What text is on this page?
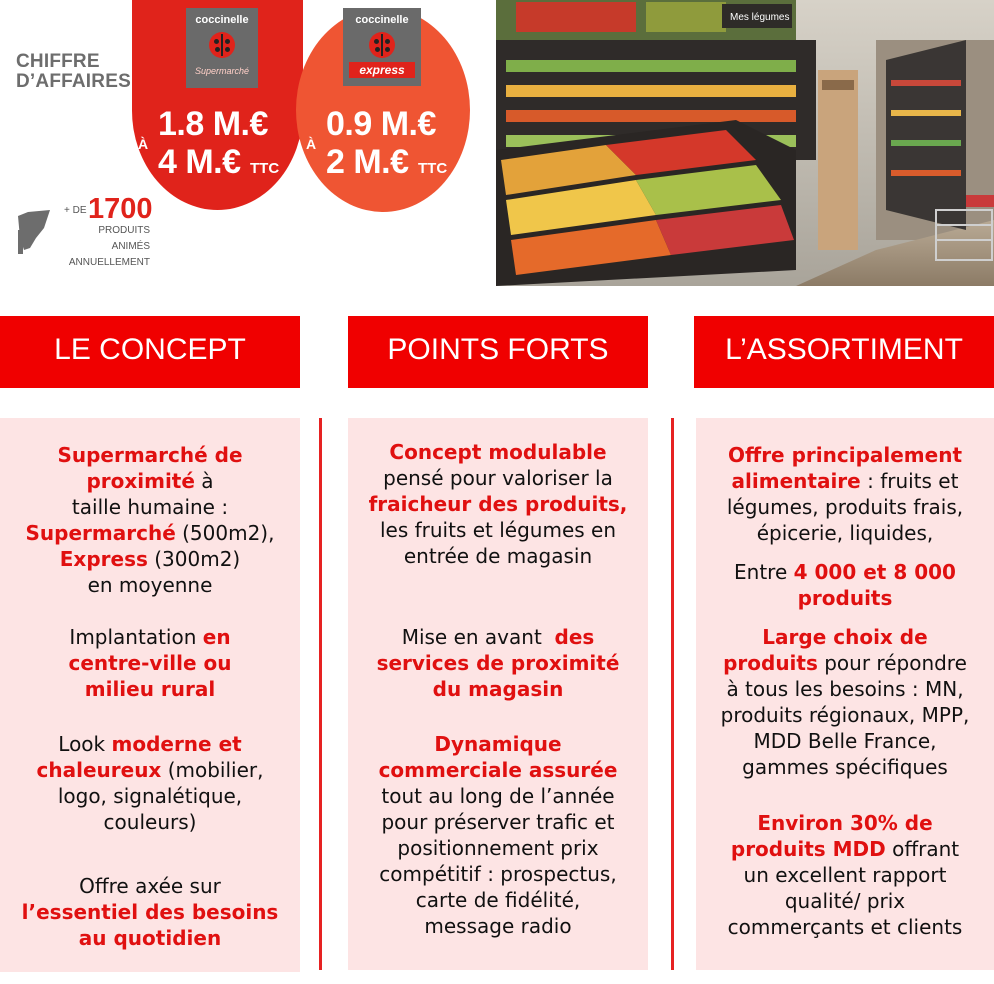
CHIFFRE
D’AFFAIRES
coccinelle
Supermarché
coccinelle
express
À
1.8 M.€
4 M.€ TTC
À
0.9 M.€
2 M.€ TTC
+ DE 1700
PRODUITS
ANIMÉS
ANNUELLEMENT
Mes légumes
LE CONCEPT	POINTS FORTS	L’ASSORTIMENT
Supermarché de
proximité à
taille humaine :
Supermarché (500m2),
Express (300m2)
en moyenne
Implantation en
centre-ville ou
milieu rural
Look moderne et
chaleureux (mobilier,
logo, signalétique,
couleurs)
Offre axée sur
l’essentiel des besoins
au quotidien
Concept modulable
pensé pour valoriser la
fraicheur des produits,
les fruits et légumes en
entrée de magasin
Mise en avant  des
services de proximité
du magasin
Dynamique
commerciale assurée
tout au long de l’année
pour préserver trafic et
positionnement prix
compétitif : prospectus,
carte de fidélité,
message radio
Offre principalement
alimentaire : fruits et
légumes, produits frais,
épicerie, liquides,
Entre 4 000 et 8 000
produits
Large choix de
produits pour répondre
à tous les besoins : MN,
produits régionaux, MPP,
MDD Belle France,
gammes spécifiques
Environ 30% de
produits MDD offrant
un excellent rapport
qualité/ prix
commerçants et clients
